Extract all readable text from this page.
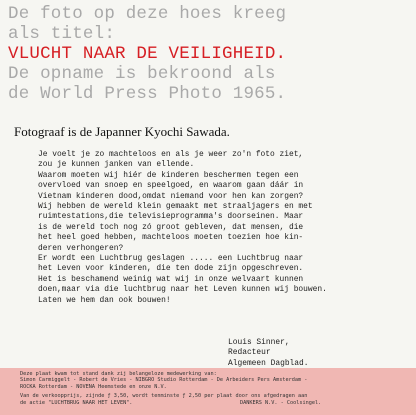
De foto op deze hoes kreeg
als titel:
VLUCHT NAAR DE VEILIGHEID.
De opname is bekroond als
de World Press Photo 1965.
Fotograaf is de Japanner Kyochi Sawada.
Je voelt je zo machteloos en als je weer zo'n foto ziet,
zou je kunnen janken van ellende.
Waarom moeten wij hiér de kinderen beschermen tegen een
overvloed van snoep en speelgoed, en waarom gaan dáár in
Vietnam kinderen dood,omdat niemand voor hen kan zorgen?
Wij hebben de wereld klein gemaakt met straaljagers en met
ruimtestations,die televisieprogramma's doorseinen. Maar
is de wereld toch nog zó groot gebleven, dat mensen, die
het heel goed hebben, machteloos moeten toezien hoe kin-
deren verhongeren?
Er wordt een Luchtbrug geslagen ..... een Luchtbrug naar
het Leven voor kinderen, die ten dode zijn opgeschreven.
Het is beschamend weinig wat wij in onze welvaart kunnen
doen,maar via die luchtbrug naar het Leven kunnen wij bouwen.
Laten we hem dan ook bouwen!
Louis Sinner,
Redacteur
Algemeen Dagblad.
Deze plaat kwam tot stand dank zij belangeloze medewerking van:
Simon Carmiggelt - Robert de Vries - NIBGRO Studio Rotterdam - De Arbeiders Pers Amsterdam -
ROCKA Rotterdam - NOVENA Heemstede en onze N.V.
Van de verkoopprijs, zijnde ƒ 3,50, wordt tenminste ƒ 2,50 per plaat door ons afgedragen aan
de actie "LUCHTBRUG NAAR HET LEVEN".	DANKERS N.V. - Coolsingel.
